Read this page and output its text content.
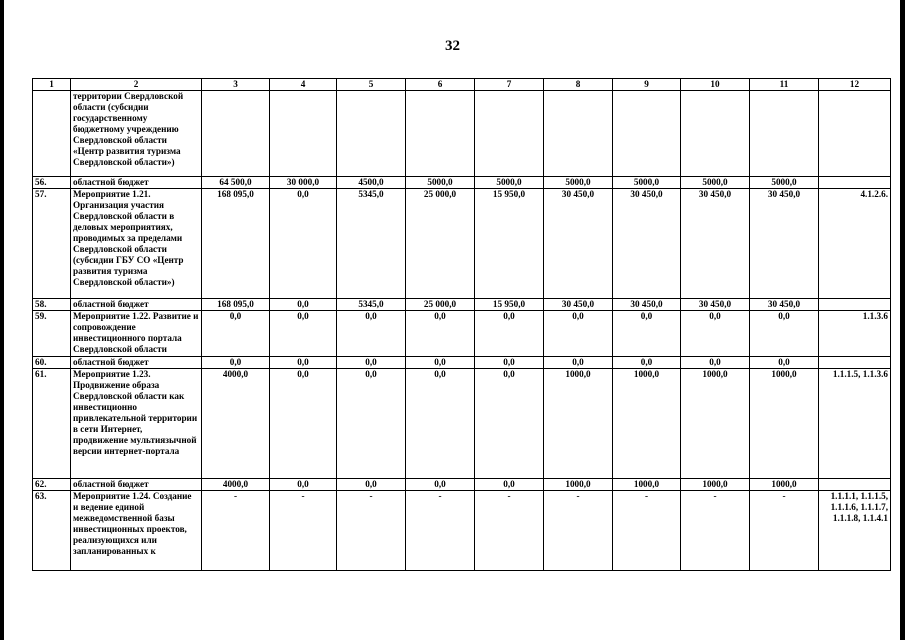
32
1	2	3	4	5	6	7	8	9	10	11	12
	территории Свердловской области (субсидии государственному бюджетному учреждению Свердловской области «Центр развития туризма Свердловской области»)										
56.	областной бюджет	64 500,0	30 000,0	4500,0	5000,0	5000,0	5000,0	5000,0	5000,0	5000,0	
57.	Мероприятие 1.21. Организация участия Свердловской области в деловых мероприятиях, проводимых за пределами Свердловской области (субсидии ГБУ СО «Центр развития туризма Свердловской области»)	168 095,0	0,0	5345,0	25 000,0	15 950,0	30 450,0	30 450,0	30 450,0	30 450,0	4.1.2.6.
58.	областной бюджет	168 095,0	0,0	5345,0	25 000,0	15 950,0	30 450,0	30 450,0	30 450,0	30 450,0	
59.	Мероприятие 1.22. Развитие и сопровождение инвестиционного портала Свердловской области	0,0	0,0	0,0	0,0	0,0	0,0	0,0	0,0	0,0	1.1.3.6
60.	областной бюджет	0,0	0,0	0,0	0,0	0,0	0,0	0,0	0,0	0,0	
61.	Мероприятие 1.23. Продвижение образа Свердловской области как инвестиционно привлекательной территории в сети Интернет, продвижение мультиязычной версии интернет-портала	4000,0	0,0	0,0	0,0	0,0	1000,0	1000,0	1000,0	1000,0	1.1.1.5, 1.1.3.6
62.	областной бюджет	4000,0	0,0	0,0	0,0	0,0	1000,0	1000,0	1000,0	1000,0	
63.	Мероприятие 1.24. Создание и ведение единой межведомственной базы инвестиционных проектов, реализующихся или запланированных к	-	-	-	-	-	-	-	-	-	1.1.1.1, 1.1.1.5, 1.1.1.6, 1.1.1.7, 1.1.1.8, 1.1.4.1
